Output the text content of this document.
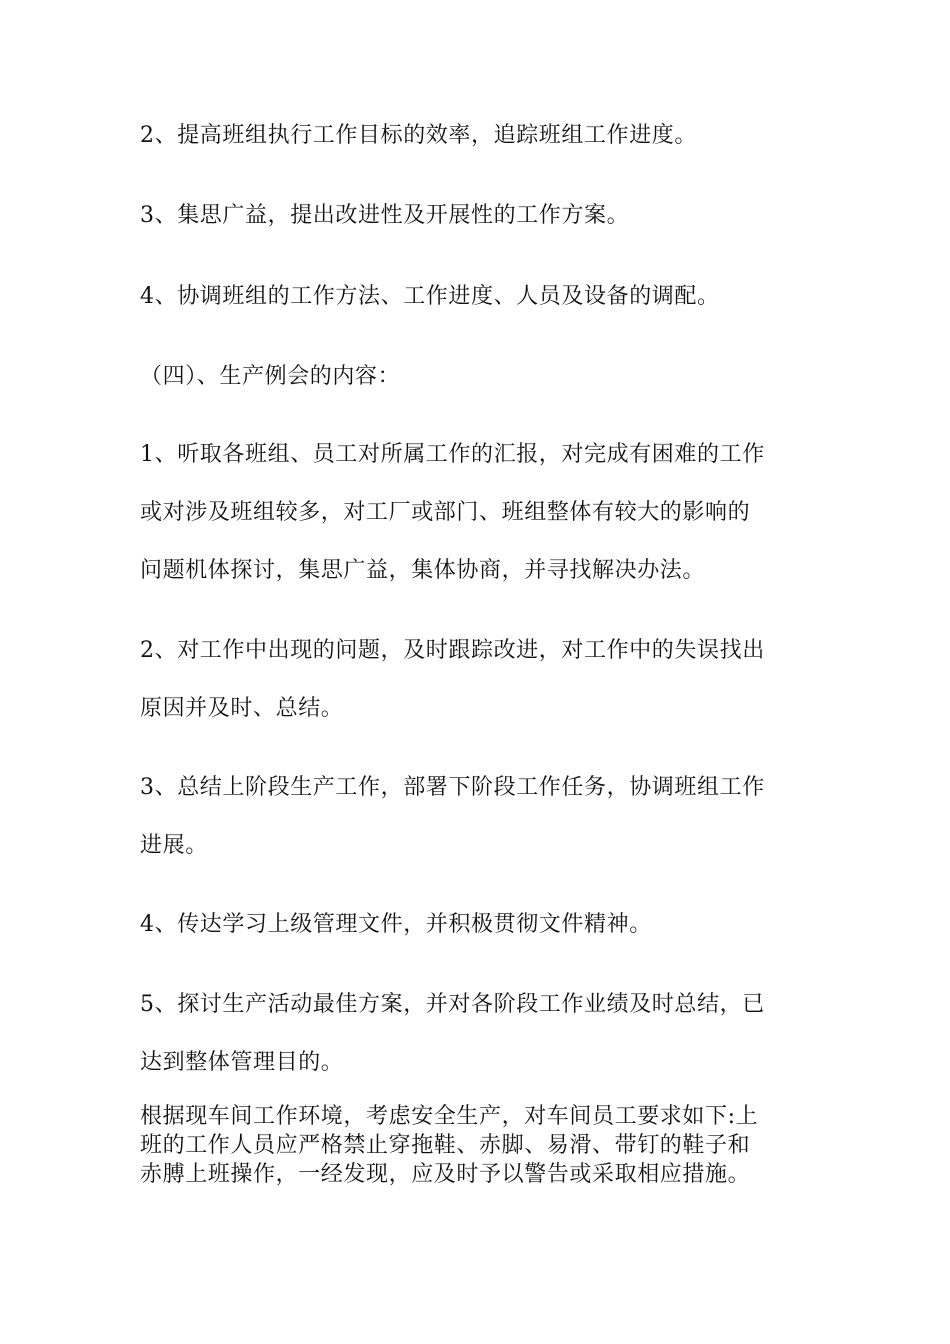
2、提高班组执行工作目标的效率，追踪班组工作进度。
3、集思广益，提出改进性及开展性的工作方案。
4、协调班组的工作方法、工作进度、人员及设备的调配。
（四）、生产例会的内容：
1、听取各班组、员工对所属工作的汇报，对完成有困难的工作
或对涉及班组较多，对工厂或部门、班组整体有较大的影响的
问题机体探讨，集思广益，集体协商，并寻找解决办法。
2、对工作中出现的问题，及时跟踪改进，对工作中的失误找出
原因并及时、总结。
3、总结上阶段生产工作，部署下阶段工作任务，协调班组工作
进展。
4、传达学习上级管理文件，并积极贯彻文件精神。
5、探讨生产活动最佳方案，并对各阶段工作业绩及时总结，已
达到整体管理目的。
根据现车间工作环境，考虑安全生产，对车间员工要求如下:上
班的工作人员应严格禁止穿拖鞋、赤脚、易滑、带钉的鞋子和
赤膊上班操作，一经发现，应及时予以警告或采取相应措施。
